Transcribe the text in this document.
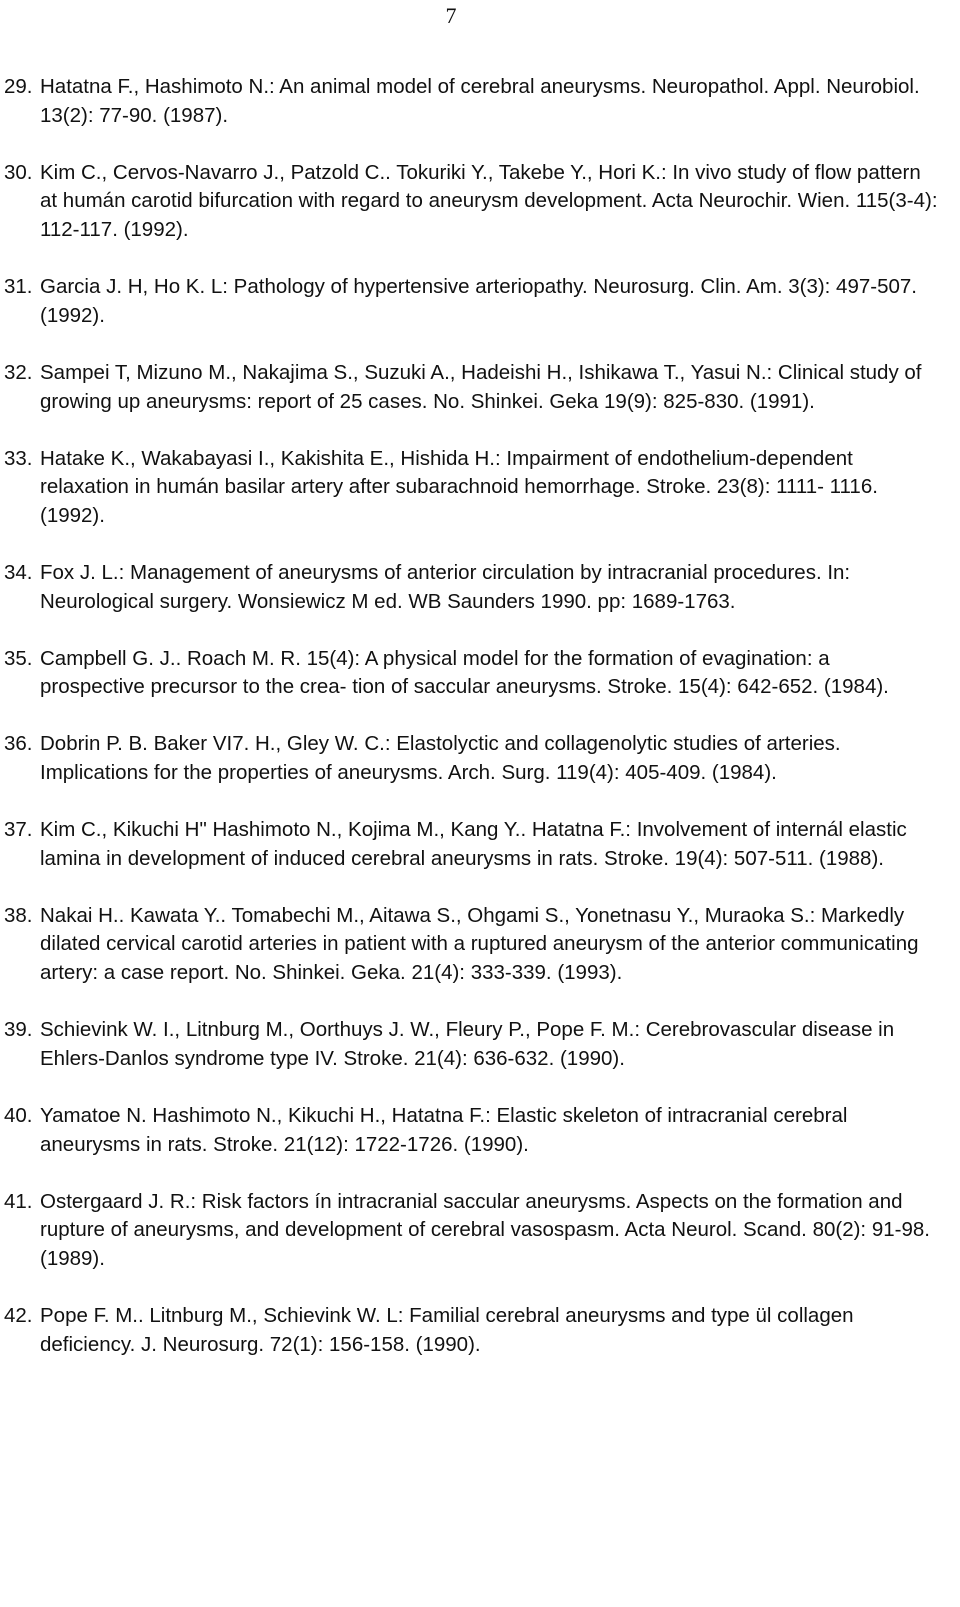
7
29. Hatatna F., Hashimoto N.: An animal model of cerebral aneurysms. Neuropathol. Appl. Neurobiol. 13(2): 77-90. (1987).
30. Kim C., Cervos-Navarro J., Patzold C.. Tokuriki Y., Takebe Y., Hori K.: In vivo study of flow pattern at humán carotid bifurcation with regard to aneurysm development. Acta Neurochir. Wien. 115(3-4): 112-117. (1992).
31. Garcia J. H, Ho K. L: Pathology of hypertensive arteriopathy. Neurosurg. Clin. Am. 3(3): 497-507. (1992).
32. Sampei T, Mizuno M., Nakajima S., Suzuki A., Hadeishi H., Ishikawa T., Yasui N.: Clinical study of growing up aneurysms: report of 25 cases. No. Shinkei. Geka 19(9): 825-830. (1991).
33. Hatake K., Wakabayasi I., Kakishita E., Hishida H.: Impairment of endothelium-dependent relaxation in humán basilar artery after subarachnoid hemorrhage. Stroke. 23(8): 1111- 1116. (1992).
34. Fox J. L.: Management of aneurysms of anterior circulation by intracranial procedures. In: Neurological surgery. Wonsiewicz M ed. WB Saunders 1990. pp: 1689-1763.
35. Campbell G. J.. Roach M. R. 15(4): A physical model for the formation of evagination: a prospective precursor to the crea- tion of saccular aneurysms. Stroke. 15(4): 642-652. (1984).
36. Dobrin P. B. Baker VI7. H., Gley W. C.: Elastolyctic and collagenolytic studies of arteries. Implications for the properties of aneurysms. Arch. Surg. 119(4): 405-409. (1984).
37. Kim C., Kikuchi H" Hashimoto N., Kojima M., Kang Y.. Hatatna F.: Involvement of internál elastic lamina in development of induced cerebral aneurysms in rats. Stroke. 19(4): 507-511. (1988).
38. Nakai H.. Kawata Y.. Tomabechi M., Aitawa S., Ohgami S., Yonetnasu Y., Muraoka S.: Markedly dilated cervical carotid arteries in patient with a ruptured aneurysm of the anterior communicating artery: a case report. No. Shinkei. Geka. 21(4): 333-339. (1993).
39. Schievink W. I., Litnburg M., Oorthuys J. W., Fleury P., Pope F. M.: Cerebrovascular disease in Ehlers-Danlos syndrome type IV. Stroke. 21(4): 636-632. (1990).
40. Yamatoe N. Hashimoto N., Kikuchi H., Hatatna F.: Elastic skeleton of intracranial cerebral aneurysms in rats. Stroke. 21(12): 1722-1726. (1990).
41. Ostergaard J. R.: Risk factors ín intracranial saccular aneurysms. Aspects on the formation and rupture of aneurysms, and development of cerebral vasospasm. Acta Neurol. Scand. 80(2): 91-98. (1989).
42. Pope F. M.. Litnburg M., Schievink W. L: Familial cerebral aneurysms and type ül collagen deficiency. J. Neurosurg. 72(1): 156-158. (1990).
